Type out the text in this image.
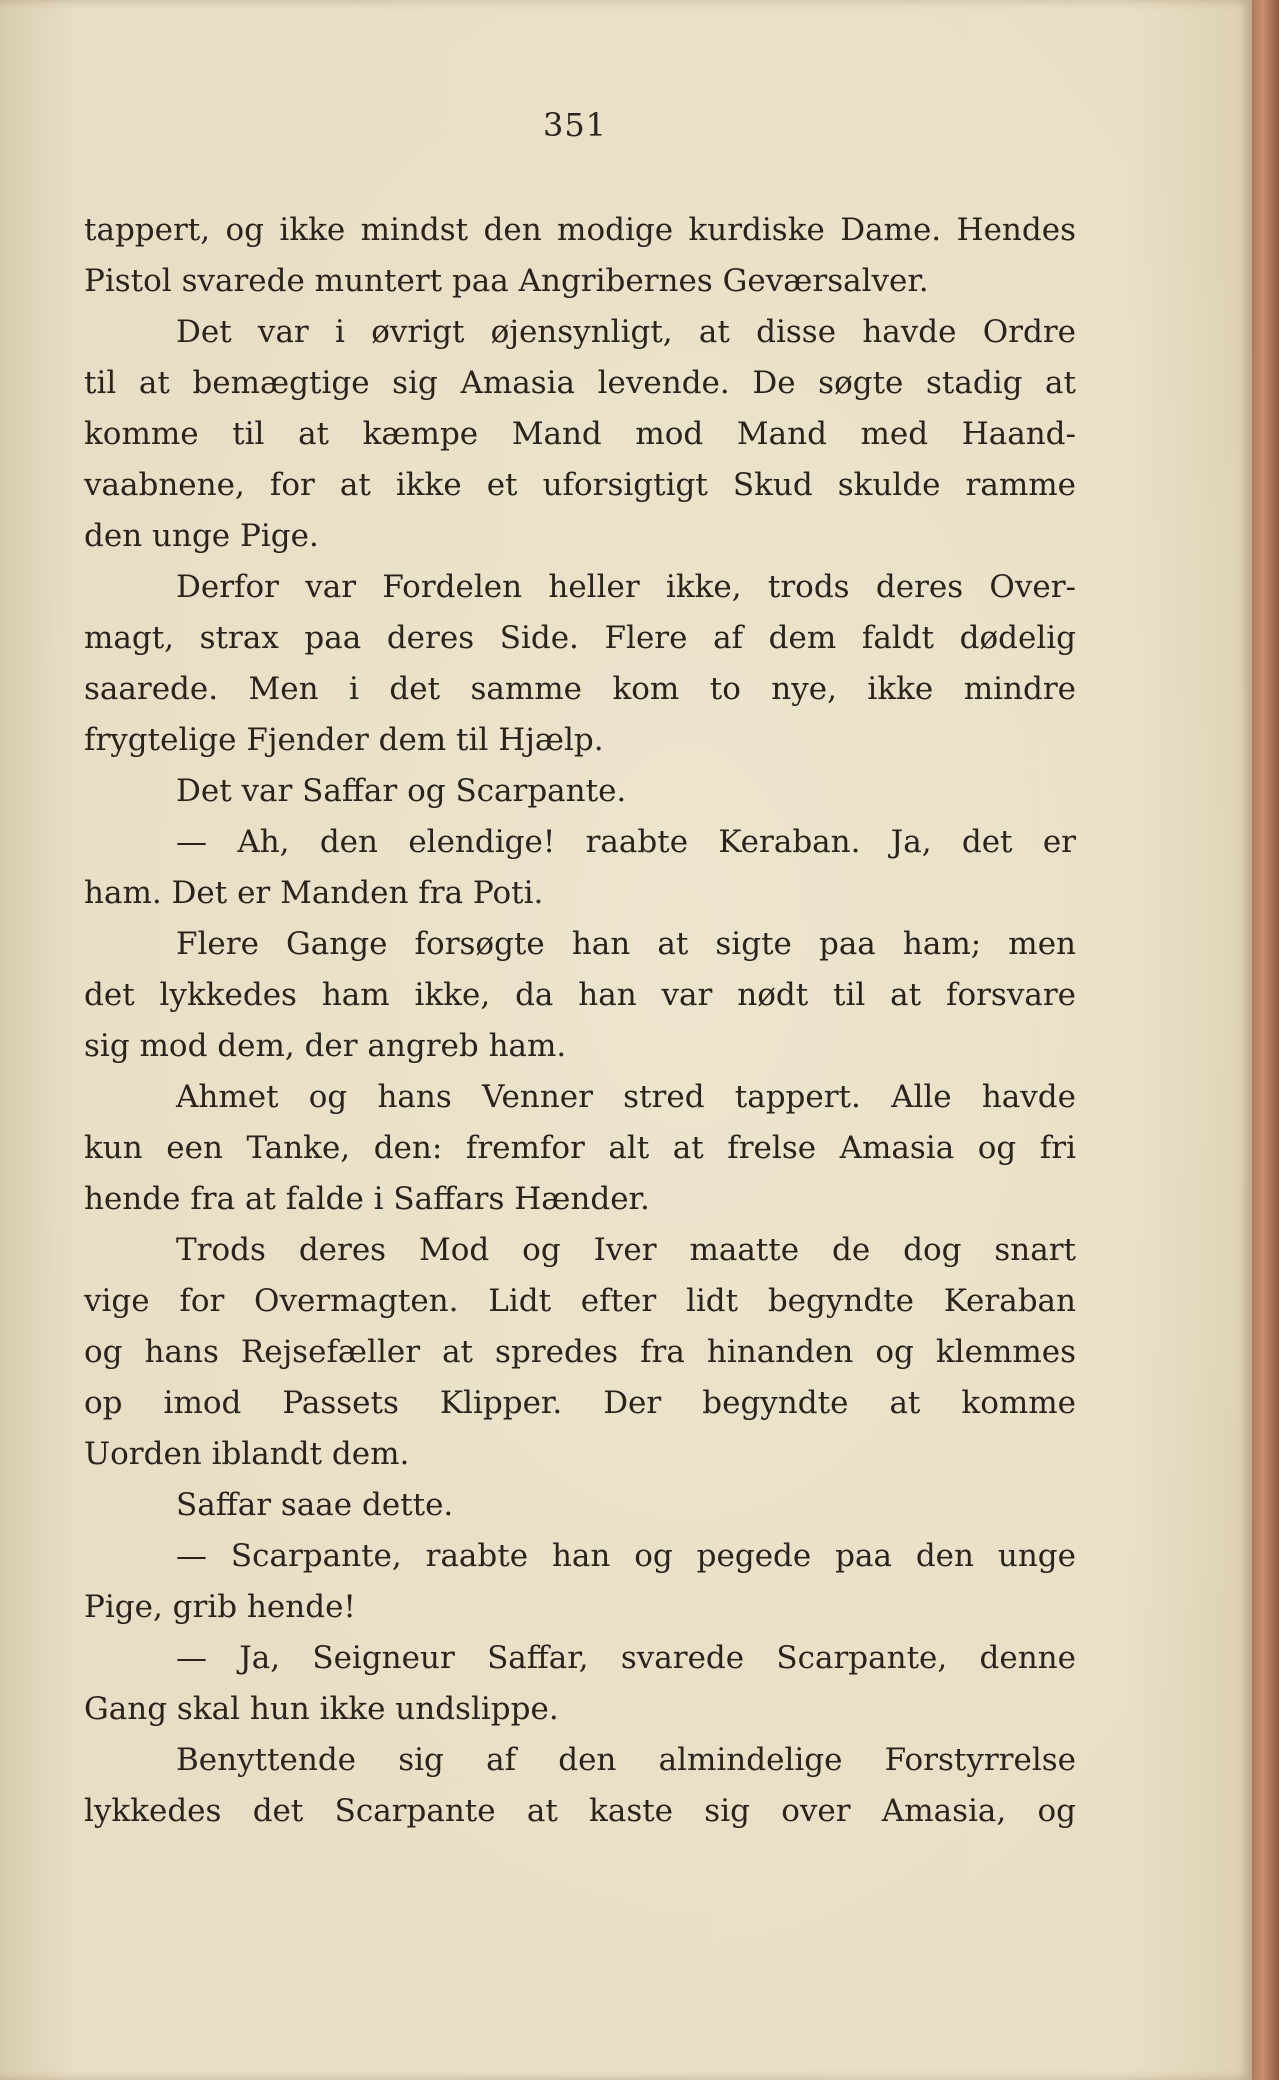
351
tappert, og ikke mindst den modige kurdiske Dame. Hendes
Pistol svarede muntert paa Angribernes Geværsalver.
Det var i øvrigt øjensynligt, at disse havde Ordre
til at bemægtige sig Amasia levende. De søgte stadig at
komme til at kæmpe Mand mod Mand med Haand-
vaabnene, for at ikke et uforsigtigt Skud skulde ramme
den unge Pige.
Derfor var Fordelen heller ikke, trods deres Over-
magt, strax paa deres Side. Flere af dem faldt dødelig
saarede. Men i det samme kom to nye, ikke mindre
frygtelige Fjender dem til Hjælp.
Det var Saffar og Scarpante.
— Ah, den elendige! raabte Keraban. Ja, det er
ham. Det er Manden fra Poti.
Flere Gange forsøgte han at sigte paa ham; men
det lykkedes ham ikke, da han var nødt til at forsvare
sig mod dem, der angreb ham.
Ahmet og hans Venner stred tappert. Alle havde
kun een Tanke, den: fremfor alt at frelse Amasia og fri
hende fra at falde i Saffars Hænder.
Trods deres Mod og Iver maatte de dog snart
vige for Overmagten. Lidt efter lidt begyndte Keraban
og hans Rejsefæller at spredes fra hinanden og klemmes
op imod Passets Klipper. Der begyndte at komme
Uorden iblandt dem.
Saffar saae dette.
— Scarpante, raabte han og pegede paa den unge
Pige, grib hende!
— Ja, Seigneur Saffar, svarede Scarpante, denne
Gang skal hun ikke undslippe.
Benyttende sig af den almindelige Forstyrrelse
lykkedes det Scarpante at kaste sig over Amasia, og
